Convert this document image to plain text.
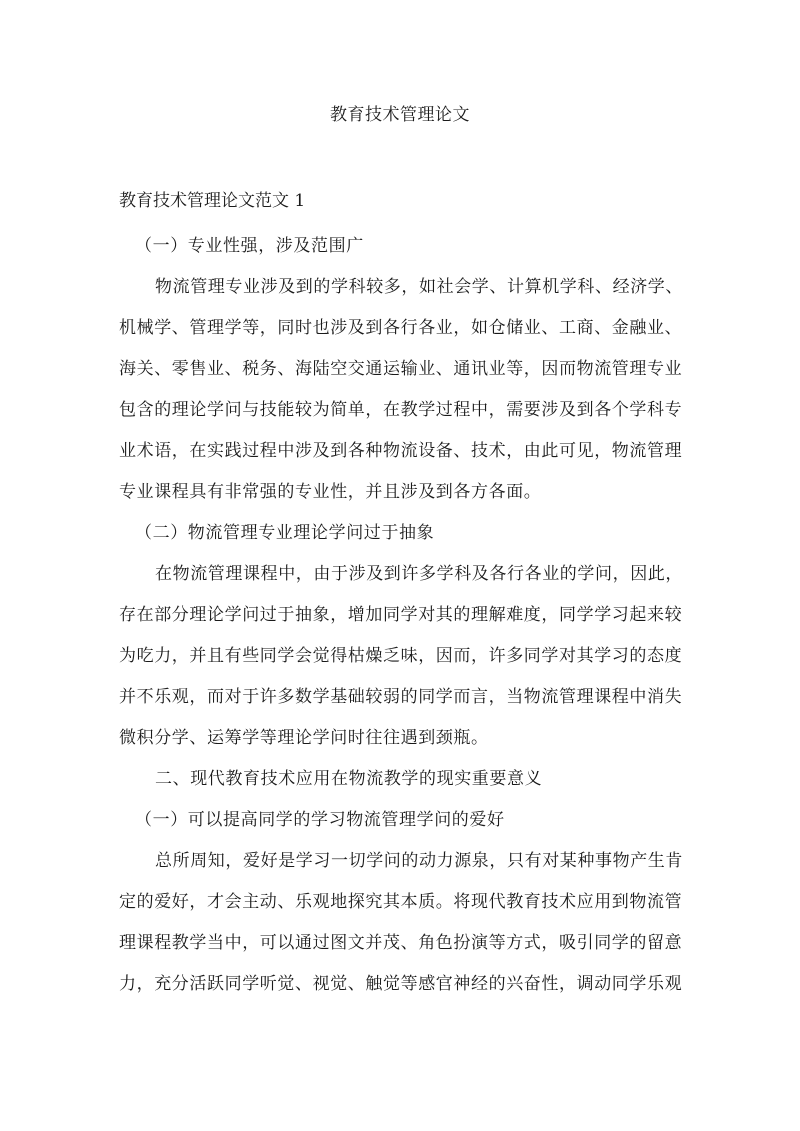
教育技术管理论文
教育技术管理论文范文 1

（一）专业性强，涉及范围广

物流管理专业涉及到的学科较多，如社会学、计算机学科、经济学、
机械学、管理学等，同时也涉及到各行各业，如仓储业、工商、金融业、
海关、零售业、税务、海陆空交通运输业、通讯业等，因而物流管理专业
包含的理论学问与技能较为简单，在教学过程中，需要涉及到各个学科专
业术语，在实践过程中涉及到各种物流设备、技术，由此可见，物流管理
专业课程具有非常强的专业性，并且涉及到各方各面。

（二）物流管理专业理论学问过于抽象

在物流管理课程中，由于涉及到许多学科及各行各业的学问，因此，
存在部分理论学问过于抽象，增加同学对其的理解难度，同学学习起来较
为吃力，并且有些同学会觉得枯燥乏味，因而，许多同学对其学习的态度
并不乐观，而对于许多数学基础较弱的同学而言，当物流管理课程中消失
微积分学、运筹学等理论学问时往往遇到颈瓶。

二、现代教育技术应用在物流教学的现实重要意义

（一）可以提高同学的学习物流管理学问的爱好

总所周知，爱好是学习一切学问的动力源泉，只有对某种事物产生肯
定的爱好，才会主动、乐观地探究其本质。将现代教育技术应用到物流管
理课程教学当中，可以通过图文并茂、角色扮演等方式，吸引同学的留意
力，充分活跃同学听觉、视觉、触觉等感官神经的兴奋性，调动同学乐观
